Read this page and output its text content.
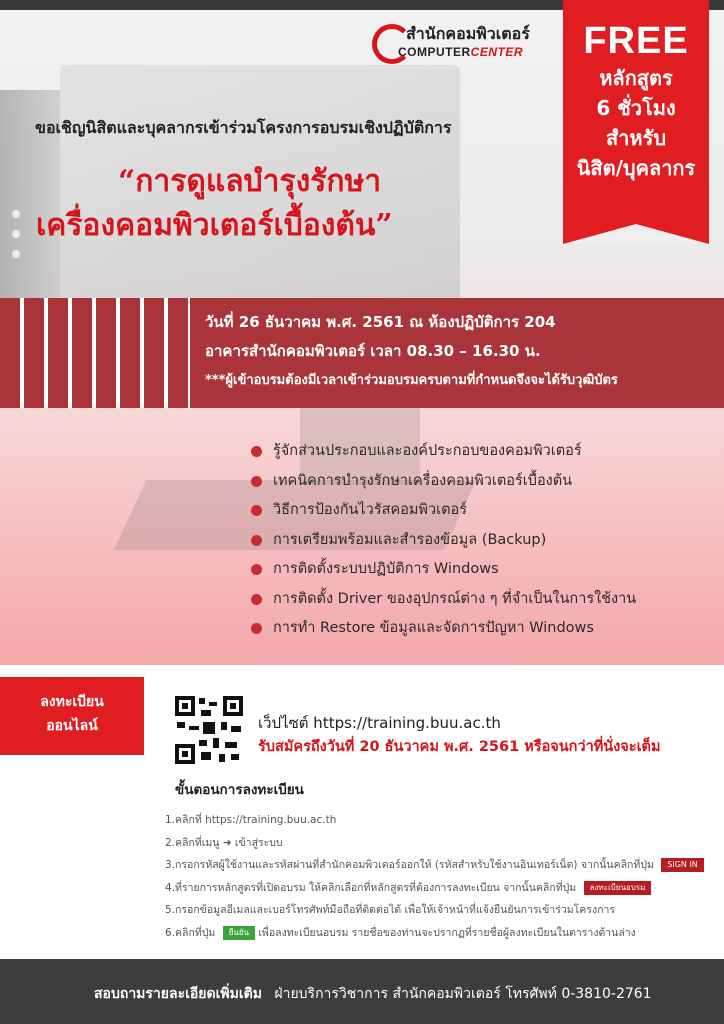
สำนักคอมพิวเตอร์
COMPUTERCENTER	FREE
หลักสูตร
6 ชั่วโมง
สำหรับ
นิสิต/บุคลากร
ขอเชิญนิสิตและบุคลากรเข้าร่วมโครงการอบรมเชิงปฏิบัติการ
“การดูแลบำรุงรักษา
เครื่องคอมพิวเตอร์เบื้องต้น”
วันที่ 26 ธันวาคม พ.ศ. 2561 ณ ห้องปฏิบัติการ 204
อาคารสำนักคอมพิวเตอร์ เวลา 08.30 – 16.30 น.
***ผู้เข้าอบรมต้องมีเวลาเข้าร่วมอบรมครบตามที่กำหนดจึงจะได้รับวุฒิบัตร
รู้จักส่วนประกอบและองค์ประกอบของคอมพิวเตอร์
เทคนิคการบำรุงรักษาเครื่องคอมพิวเตอร์เบื้องต้น
วิธีการป้องกันไวรัสคอมพิวเตอร์
การเตรียมพร้อมและสำรองข้อมูล (Backup)
การติดตั้งระบบปฏิบัติการ Windows
การติดตั้ง Driver ของอุปกรณ์ต่าง ๆ ที่จำเป็นในการใช้งาน
การทำ Restore ข้อมูลและจัดการปัญหา Windows
ลงทะเบียน
ออนไลน์	เว็ปไซต์ https://training.buu.ac.th
รับสมัครถึงวันที่ 20 ธันวาคม พ.ศ. 2561 หรือจนกว่าที่นั่งจะเต็ม
ขั้นตอนการลงทะเบียน
1.คลิกที่ https://training.buu.ac.th
2.คลิกที่เมนู ➜ เข้าสู่ระบบ
3.กรอกรหัสผู้ใช้งานและรหัสผ่านที่สำนักคอมพิวเตอร์ออกให้ (รหัสสำหรับใช้งานอินเทอร์เน็ต) จากนั้นคลิกที่ปุ่ม SIGN IN
4.ที่รายการหลักสูตรที่เปิดอบรม ให้คลิกเลือกที่หลักสูตรที่ต้องการลงทะเบียน จากนั้นคลิกที่ปุ่ม ลงทะเบียนอบรม
5.กรอกข้อมูลอีเมลและเบอร์โทรศัพท์มือถือที่ติดต่อได้ เพื่อให้เจ้าหน้าที่แจ้งยืนยันการเข้าร่วมโครงการ
6.คลิกที่ปุ่ม ยืนยัน เพื่อลงทะเบียนอบรม รายชื่อของท่านจะปรากฏที่รายชื่อผู้ลงทะเบียนในตารางด้านล่าง
สอบถามรายละเอียดเพิ่มเติม ฝ่ายบริการวิชาการ สำนักคอมพิวเตอร์ โทรศัพท์ 0-3810-2761
